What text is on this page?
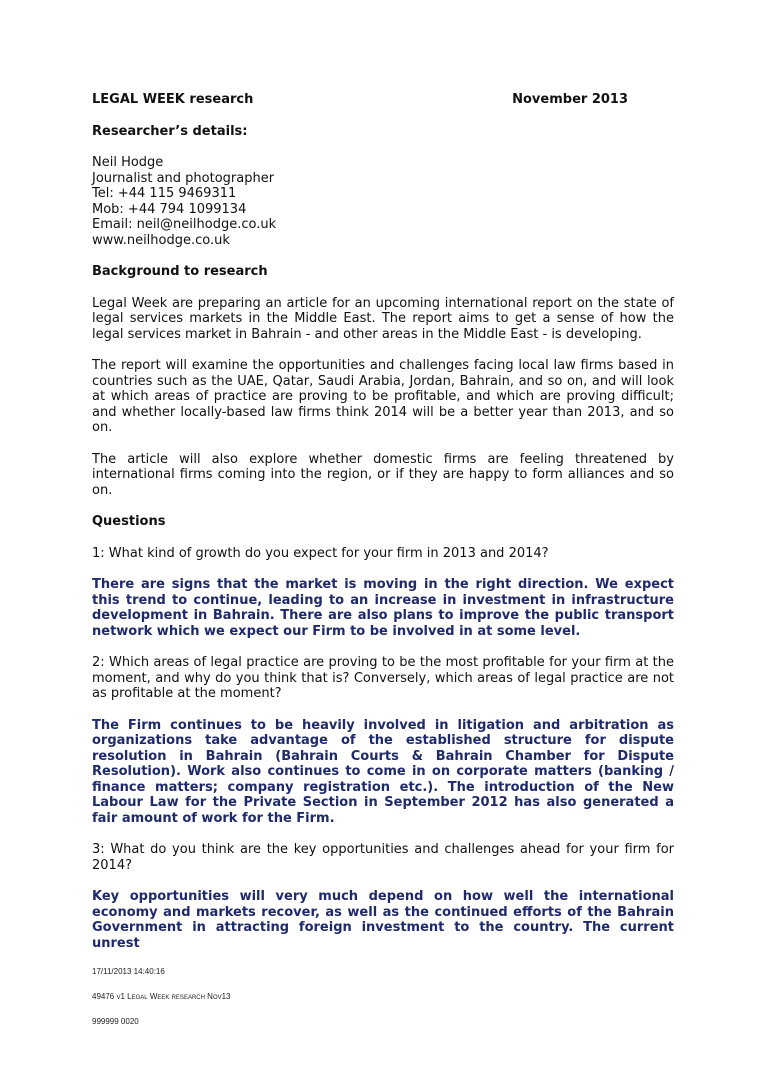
LEGAL WEEK research	November 2013
Researcher’s details:
Neil Hodge
Journalist and photographer
Tel: +44 115 9469311
Mob: +44 794 1099134
Email: neil@neilhodge.co.uk
www.neilhodge.co.uk
Background to research

Legal Week are preparing an article for an upcoming international report on the state of legal services markets in the Middle East. The report aims to get a sense of how the legal services market in Bahrain - and other areas in the Middle East - is developing.

The report will examine the opportunities and challenges facing local law firms based in countries such as the UAE, Qatar, Saudi Arabia, Jordan, Bahrain, and so on, and will look at which areas of practice are proving to be profitable, and which are proving difficult; and whether locally-based law firms think 2014 will be a better year than 2013, and so on.

The article will also explore whether domestic firms are feeling threatened by international firms coming into the region, or if they are happy to form alliances and so on.

Questions

1: What kind of growth do you expect for your firm in 2013 and 2014?

There are signs that the market is moving in the right direction. We expect this trend to continue, leading to an increase in investment in infrastructure development in Bahrain. There are also plans to improve the public transport network which we expect our Firm to be involved in at some level.

2: Which areas of legal practice are proving to be the most profitable for your firm at the moment, and why do you think that is? Conversely, which areas of legal practice are not as profitable at the moment?

The Firm continues to be heavily involved in litigation and arbitration as organizations take advantage of the established structure for dispute resolution in Bahrain (Bahrain Courts & Bahrain Chamber for Dispute Resolution). Work also continues to come in on corporate matters (banking / finance matters; company registration etc.). The introduction of the New Labour Law for the Private Section in September 2012 has also generated a fair amount of work for the Firm.

3: What do you think are the key opportunities and challenges ahead for your firm for 2014?

Key opportunities will very much depend on how well the international economy and markets recover, as well as the continued efforts of the Bahrain Government in attracting foreign investment to the country. The current unrest

17/11/2013 14:40:16
49476 v1 Legal Week research Nov13
999999 0020
